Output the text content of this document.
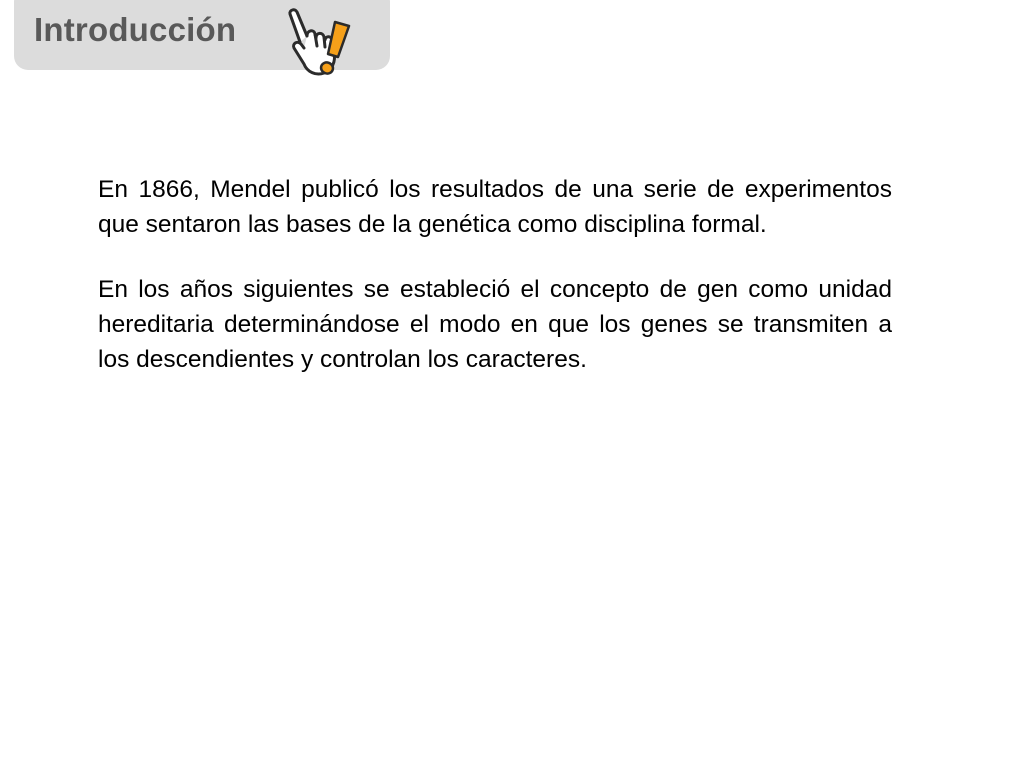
Introducción

En 1866, Mendel publicó los resultados de una serie de experimentos que sentaron las bases de la genética como disciplina formal.

En los años siguientes se estableció el concepto de gen como unidad hereditaria determinándose el modo en que los genes se transmiten a los descendientes y controlan los caracteres.
